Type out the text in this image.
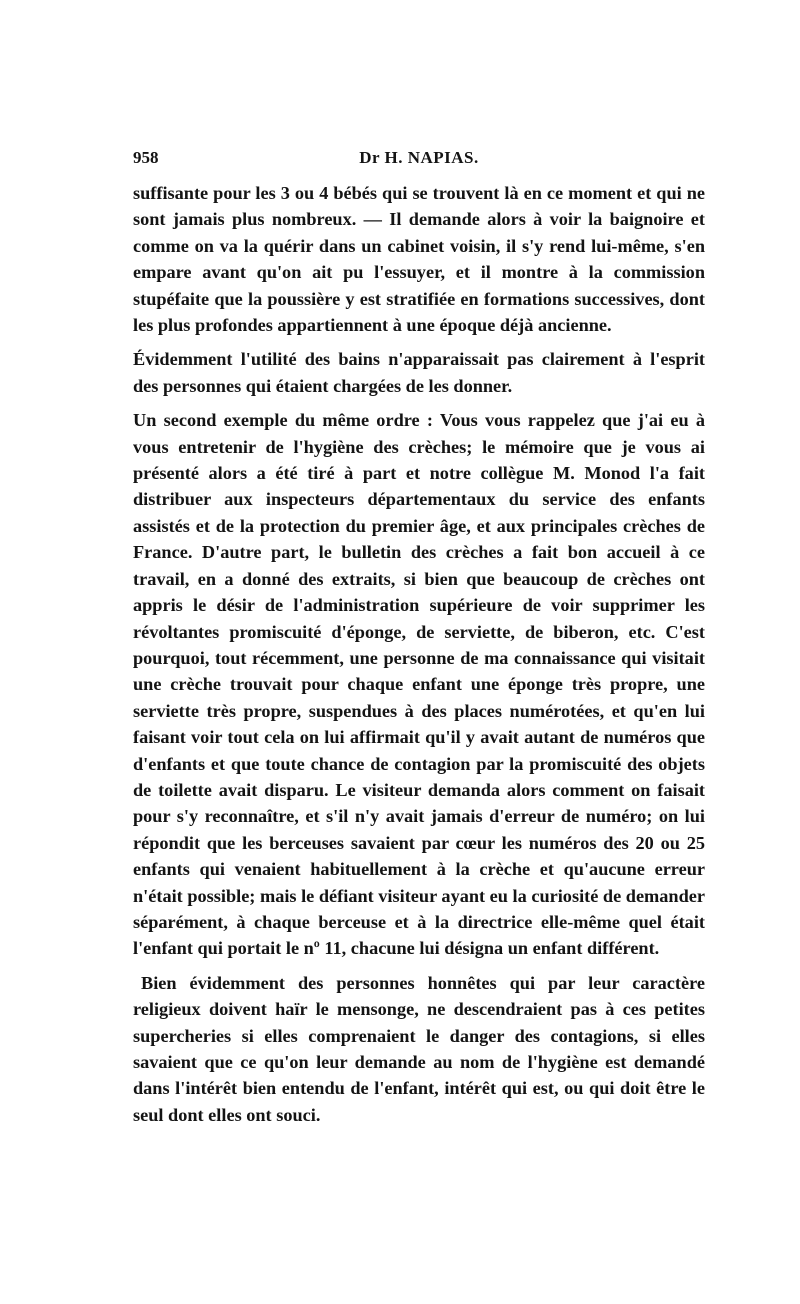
958	Dr H. NAPIAS.

suffisante pour les 3 ou 4 bébés qui se trouvent là en ce moment et qui ne sont jamais plus nombreux. — Il demande alors à voir la baignoire et comme on va la quérir dans un cabinet voisin, il s'y rend lui-même, s'en empare avant qu'on ait pu l'essuyer, et il montre à la commission stupéfaite que la poussière y est stratifiée en formations successives, dont les plus profondes appartiennent à une époque déjà ancienne.

Évidemment l'utilité des bains n'apparaissait pas clairement à l'esprit des personnes qui étaient chargées de les donner.

Un second exemple du même ordre : Vous vous rappelez que j'ai eu à vous entretenir de l'hygiène des crèches; le mémoire que je vous ai présenté alors a été tiré à part et notre collègue M. Monod l'a fait distribuer aux inspecteurs départementaux du service des enfants assistés et de la protection du premier âge, et aux principales crèches de France. D'autre part, le bulletin des crèches a fait bon accueil à ce travail, en a donné des extraits, si bien que beaucoup de crèches ont appris le désir de l'administration supérieure de voir supprimer les révoltantes promiscuité d'éponge, de serviette, de biberon, etc. C'est pourquoi, tout récemment, une personne de ma connaissance qui visitait une crèche trouvait pour chaque enfant une éponge très propre, une serviette très propre, suspendues à des places numérotées, et qu'en lui faisant voir tout cela on lui affirmait qu'il y avait autant de numéros que d'enfants et que toute chance de contagion par la promiscuité des objets de toilette avait disparu. Le visiteur demanda alors comment on faisait pour s'y reconnaître, et s'il n'y avait jamais d'erreur de numéro; on lui répondit que les berceuses savaient par cœur les numéros des 20 ou 25 enfants qui venaient habituellement à la crèche et qu'aucune erreur n'était possible; mais le défiant visiteur ayant eu la curiosité de demander séparément, à chaque berceuse et à la directrice elle-même quel était l'enfant qui portait le nº 11, chacune lui désigna un enfant différent.

Bien évidemment des personnes honnêtes qui par leur caractère religieux doivent haïr le mensonge, ne descendraient pas à ces petites supercheries si elles comprenaient le danger des contagions, si elles savaient que ce qu'on leur demande au nom de l'hygiène est demandé dans l'intérêt bien entendu de l'enfant, intérêt qui est, ou qui doit être le seul dont elles ont souci.
